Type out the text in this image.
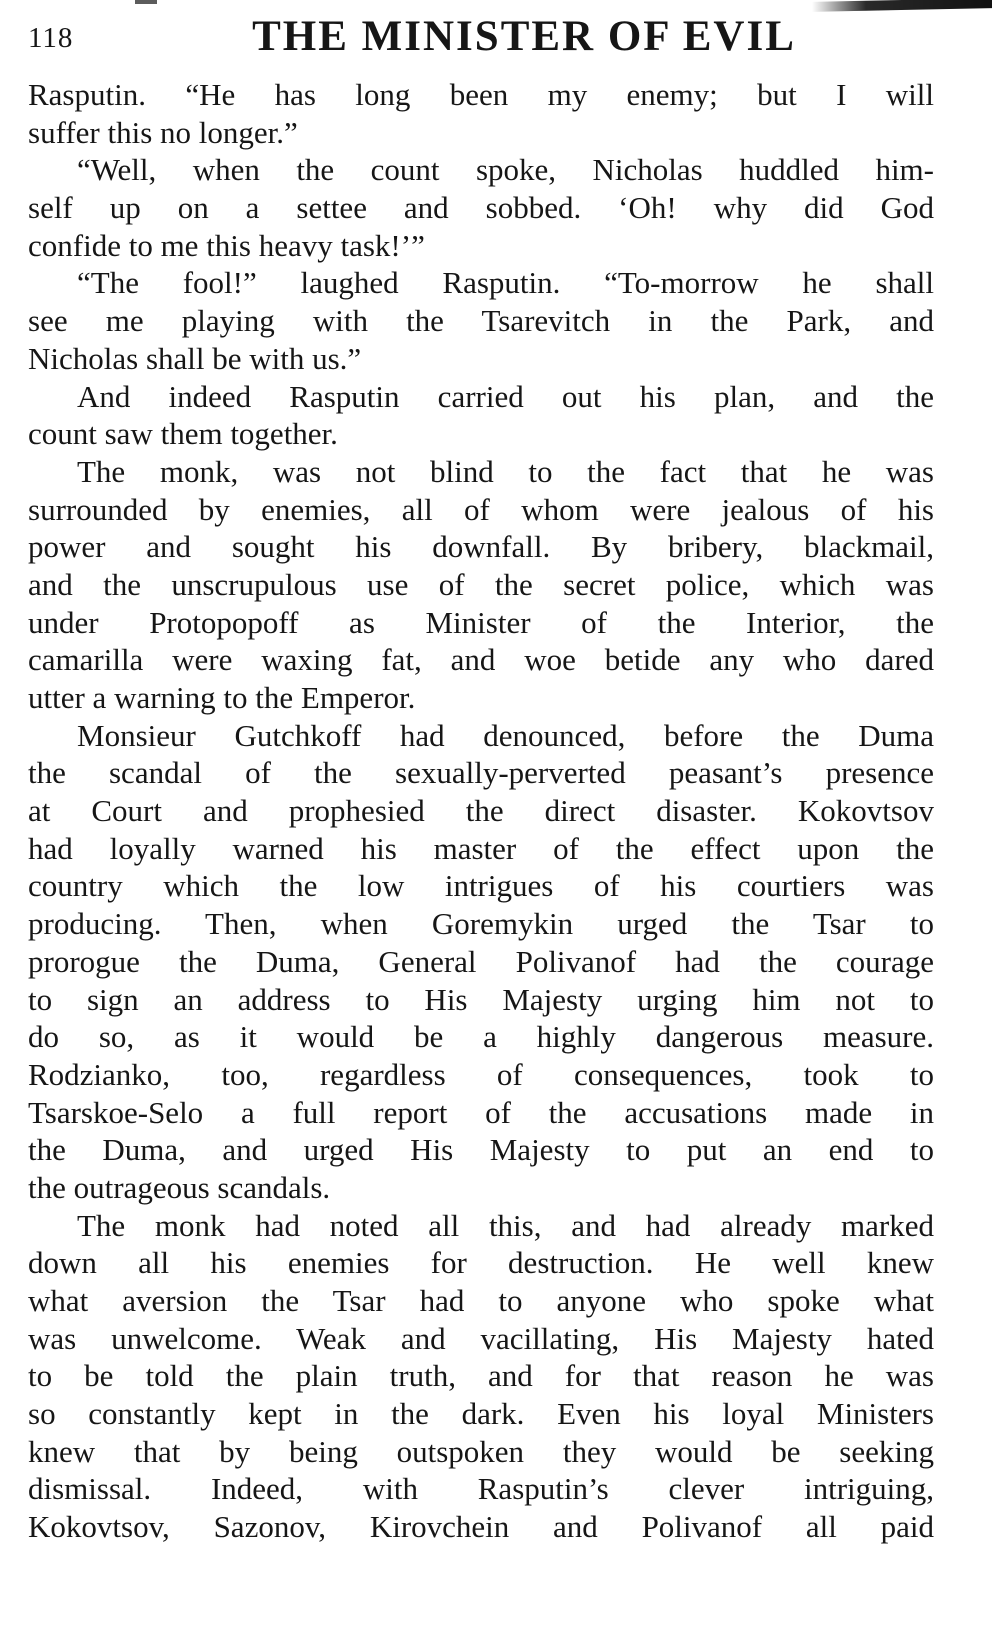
118	THE MINISTER OF EVIL
Rasputin. “He has long been my enemy; but I will
suffer this no longer.”
“Well, when the count spoke, Nicholas huddled him-
self up on a settee and sobbed. ‘Oh! why did God
confide to me this heavy task!’”
“The fool!” laughed Rasputin. “To-morrow he shall
see me playing with the Tsarevitch in the Park, and
Nicholas shall be with us.”
And indeed Rasputin carried out his plan, and the
count saw them together.
The monk, was not blind to the fact that he was
surrounded by enemies, all of whom were jealous of his
power and sought his downfall. By bribery, blackmail,
and the unscrupulous use of the secret police, which was
under Protopopoff as Minister of the Interior, the
camarilla were waxing fat, and woe betide any who dared
utter a warning to the Emperor.
Monsieur Gutchkoff had denounced, before the Duma
the scandal of the sexually-perverted peasant’s presence
at Court and prophesied the direct disaster. Kokovtsov
had loyally warned his master of the effect upon the
country which the low intrigues of his courtiers was
producing. Then, when Goremykin urged the Tsar to
prorogue the Duma, General Polivanof had the courage
to sign an address to His Majesty urging him not to
do so, as it would be a highly dangerous measure.
Rodzianko, too, regardless of consequences, took to
Tsarskoe-Selo a full report of the accusations made in
the Duma, and urged His Majesty to put an end to
the outrageous scandals.
The monk had noted all this, and had already marked
down all his enemies for destruction. He well knew
what aversion the Tsar had to anyone who spoke what
was unwelcome. Weak and vacillating, His Majesty hated
to be told the plain truth, and for that reason he was
so constantly kept in the dark. Even his loyal Ministers
knew that by being outspoken they would be seeking
dismissal. Indeed, with Rasputin’s clever intriguing,
Kokovtsov, Sazonov, Kirovchein and Polivanof all paid
